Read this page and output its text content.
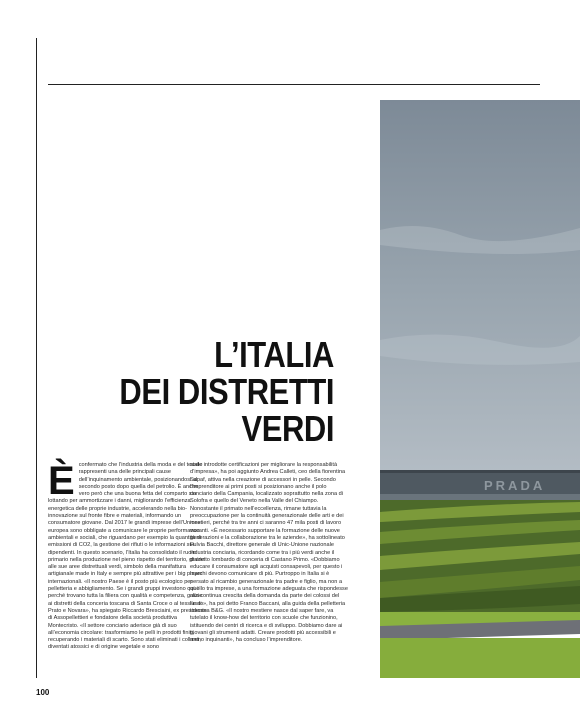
PRADA
L’ITALIA
DEI DISTRETTI
VERDI
È confermato che l’industria della moda e del tessile rappresenti una delle principali cause dell’inquinamento ambientale, posizionandosi al secondo posto dopo quella del petrolio. È anche vero però che una buona fetta del comparto sta lottando per ammortizzare i danni, migliorando l’efficienza energetica delle proprie industrie, accelerando nella bio-innovazione sul fronte fibre e materiali, informando un consumatore giovane. Dal 2017 le grandi imprese dell’Unione europea sono obbligate a comunicare le proprie performance ambientali e sociali, che riguardano per esempio la quantità di emissioni di CO2, la gestione dei rifiuti o le informazioni sui dipendenti. In questo scenario, l’Italia ha consolidato il ruolo primario nella produzione nel pieno rispetto del territorio, grazie alle sue aree distrettuali verdi, simbolo della manifattura artigianale made in Italy e sempre più attrattive per i big player internazionali. «Il nostro Paese è il posto più ecologico per pelletteria e abbigliamento. Se i grandi gruppi investono qui è perché trovano tutta la filiera con qualità e competenza, grazie ai distretti della conceria toscana di Santa Croce o al tessile di Prato e Novara», ha spiegato Riccardo Bresciaini, ex presidente di Assopellettieri e fondatore della società produttiva Montecristo. «Il settore conciario aderisce già di suo all’economia circolare: trasformiamo le pelli in prodotti finiti, recuperando i materiali di scarto. Sono stati eliminati i collanti, diventati atossici e di origine vegetale e sono
state introdotte certificazioni per migliorare la responsabilità d’impresa», ha poi aggiunto Andrea Calleti, ceo della fiorentina Sapaf, attiva nella creazione di accessori in pelle. Secondo l’imprenditore ai primi posti si posizionano anche il polo conciario della Campania, localizzato soprattutto nella zona di Solofra e quello del Veneto nella Valle del Chiampo. Nonostante il primato nell’eccellenza, rimane tuttavia la preoccupazione per la continuità generazionale delle arti e dei mestieri, perché tra tre anni ci saranno 47 mila posti di lavoro vacanti. «È necessario supportare la formazione delle nuove generazioni e la collaborazione tra le aziende», ha sottolineato Fulvia Bacchi, direttore generale di Unic-Unione nazionale industria conciaria, ricordando come tra i più verdi anche il distretto lombardo di conceria di Castano Primo. «Dobbiamo educare il consumatore agli acquisti consapevoli, per questo i marchi devono comunicare di più. Purtroppo in Italia si è persato al ricambio generazionale tra padre e figlio, ma non a quello tra imprese, a una formazione adeguata che rispondesse alla continua crescita della domanda da parte dei colossi del lusso», ha poi detto Franco Baccani, alla guida della pelletteria toscana B&G. «Il nostro mestiere nasce dal saper fare, va tutelato il know-how del territorio con scuole che funzionino, istituendo dei centri di ricerca e di sviluppo. Dobbiamo dare ai giovani gli strumenti adatti. Creare prodotti più accessibili e meno inquinanti», ha concluso l’imprenditore.
100
